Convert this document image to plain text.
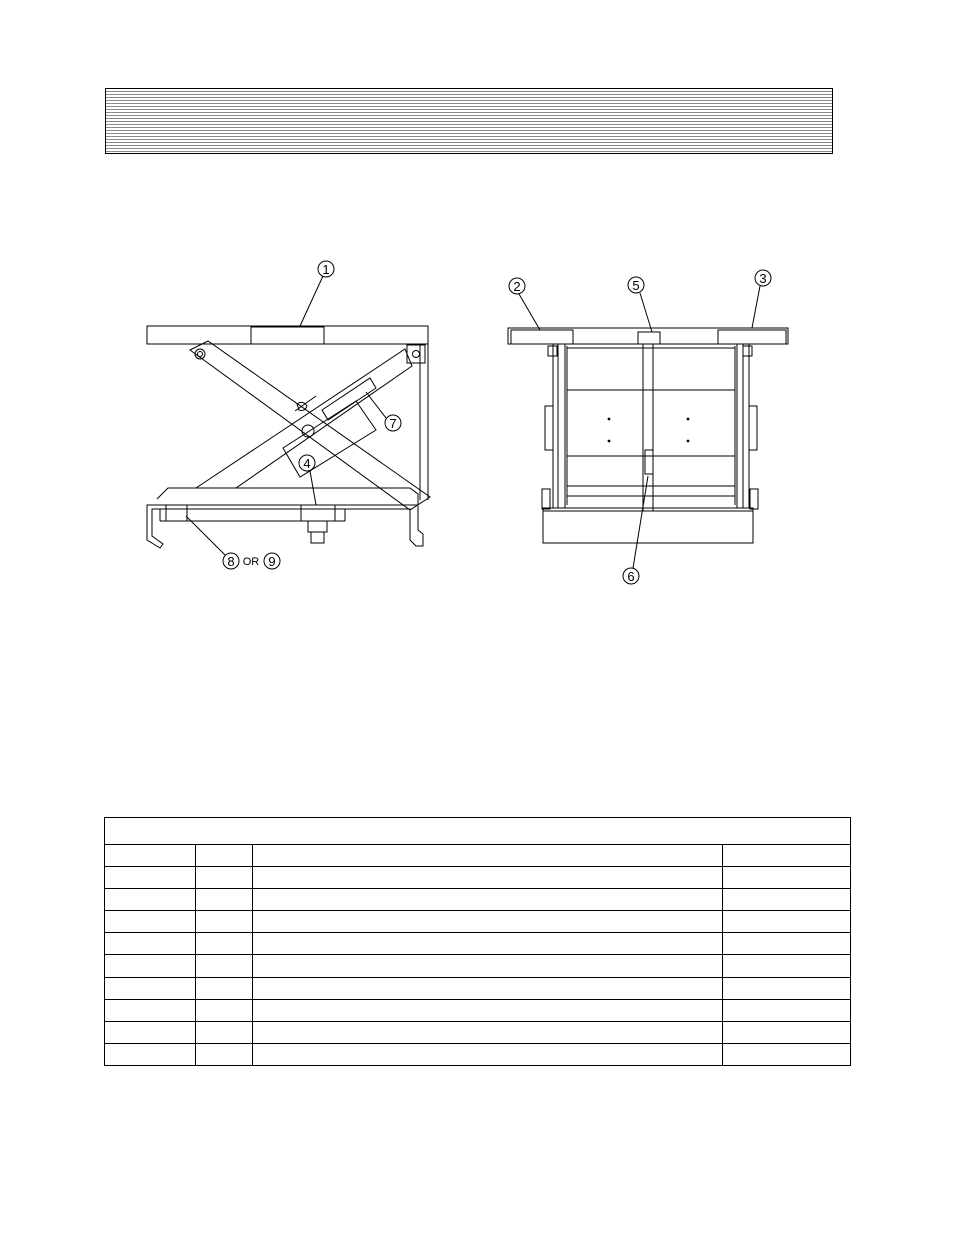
1
2
3
4
5
6
7
8 OR 9
